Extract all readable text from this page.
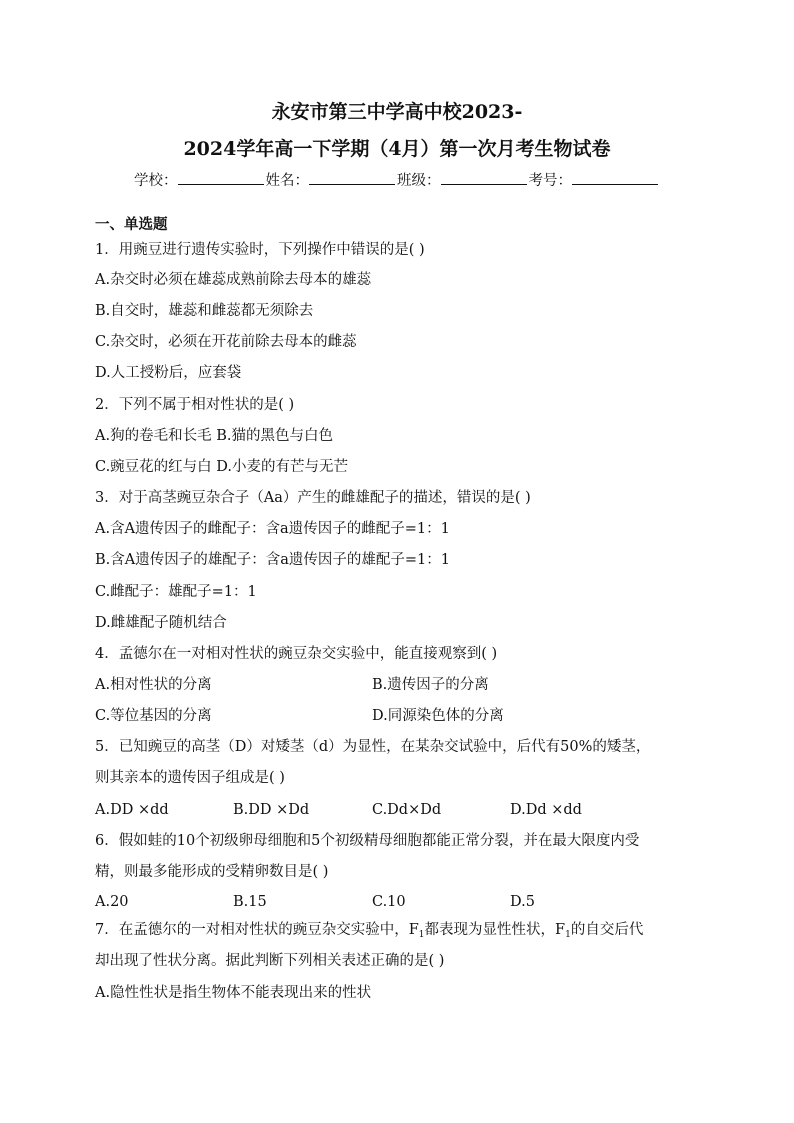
永安市第三中学高中校2023-
2024学年高一下学期（4月）第一次月考生物试卷
学校：	姓名：	班级：	考号：
一、单选题
1．用豌豆进行遗传实验时，下列操作中错误的是( )
A.杂交时必须在雄蕊成熟前除去母本的雄蕊
B.自交时，雄蕊和雌蕊都无须除去
C.杂交时，必须在开花前除去母本的雌蕊
D.人工授粉后，应套袋
2．下列不属于相对性状的是( )
A.狗的卷毛和长毛 B.猫的黑色与白色
C.豌豆花的红与白 D.小麦的有芒与无芒
3．对于高茎豌豆杂合子（Aa）产生的雌雄配子的描述，错误的是( )
A.含A遗传因子的雌配子：含a遗传因子的雌配子=1：1
B.含A遗传因子的雄配子：含a遗传因子的雄配子=1：1
C.雌配子：雄配子=1：1
D.雌雄配子随机结合
4．孟德尔在一对相对性状的豌豆杂交实验中，能直接观察到( )
A.相对性状的分离	B.遗传因子的分离
C.等位基因的分离	D.同源染色体的分离
5．已知豌豆的高茎（D）对矮茎（d）为显性，在某杂交试验中，后代有50%的矮茎，
则其亲本的遗传因子组成是( )
A.DD ×dd	B.DD ×Dd	C.Dd×Dd	D.Dd ×dd
6．假如蛙的10个初级卵母细胞和5个初级精母细胞都能正常分裂，并在最大限度内受
精，则最多能形成的受精卵数目是( )
A.20	B.15	C.10	D.5
7．在孟德尔的一对相对性状的豌豆杂交实验中，$F_1$都表现为显性性状，$F_1$的自交后代
却出现了性状分离。据此判断下列相关表述正确的是( )
A.隐性性状是指生物体不能表现出来的性状
